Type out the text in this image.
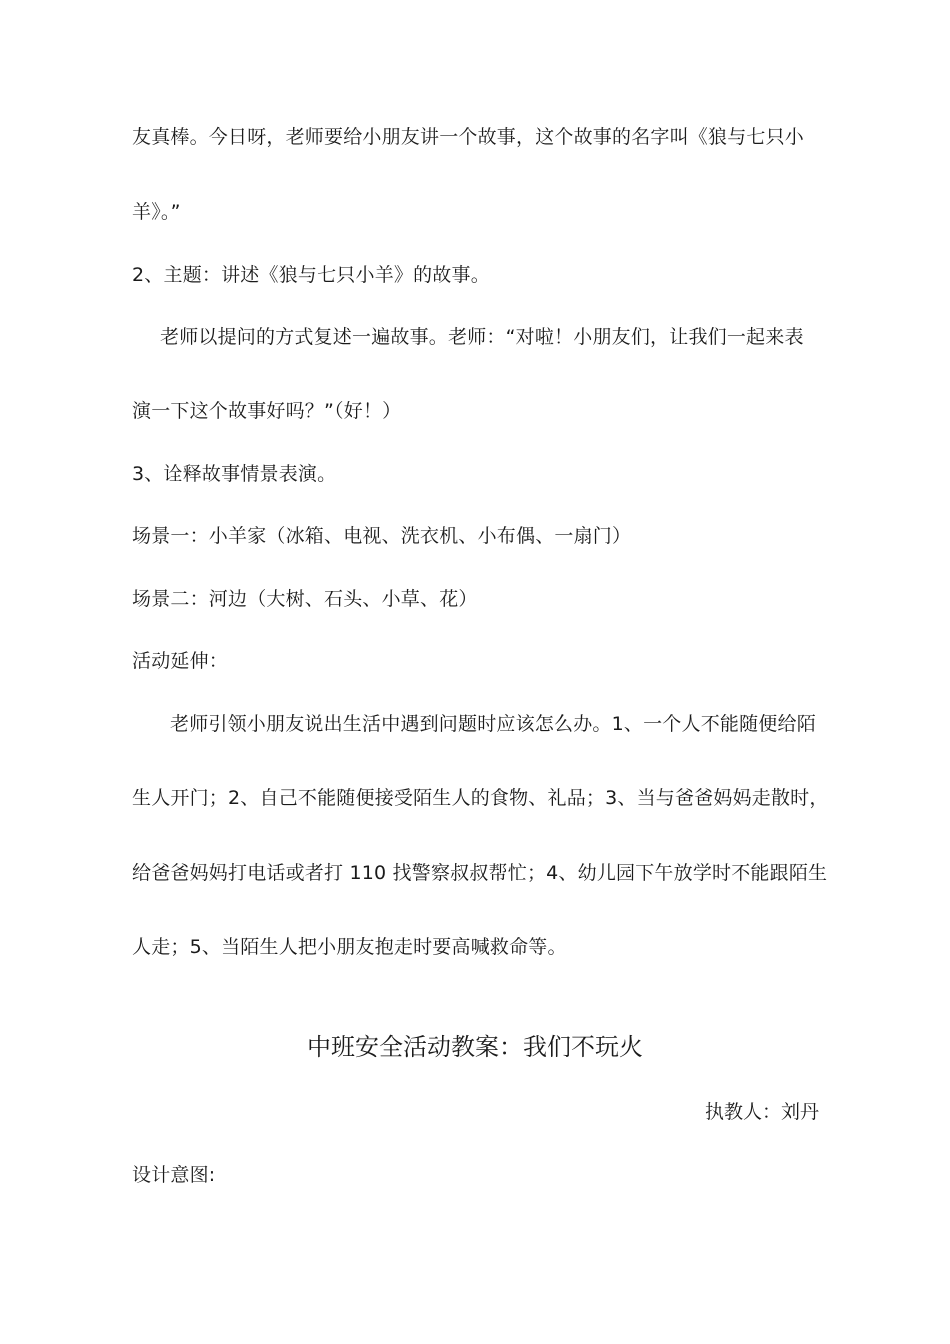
友真棒。今日呀，老师要给小朋友讲一个故事，这个故事的名字叫《狼与七只小

羊》。”

2、主题：讲述《狼与七只小羊》的故事。

老师以提问的方式复述一遍故事。老师：“对啦！小朋友们，让我们一起来表

演一下这个故事好吗？”（好！）

3、诠释故事情景表演。

场景一：小羊家（冰箱、电视、洗衣机、小布偶、一扇门）

场景二：河边（大树、石头、小草、花）

活动延伸：

老师引领小朋友说出生活中遇到问题时应该怎么办。1、一个人不能随便给陌

生人开门；2、自己不能随便接受陌生人的食物、礼品；3、当与爸爸妈妈走散时，

给爸爸妈妈打电话或者打 110 找警察叔叔帮忙；4、幼儿园下午放学时不能跟陌生

人走；5、当陌生人把小朋友抱走时要高喊救命等。

中班安全活动教案：我们不玩火

执教人：刘丹

设计意图:
